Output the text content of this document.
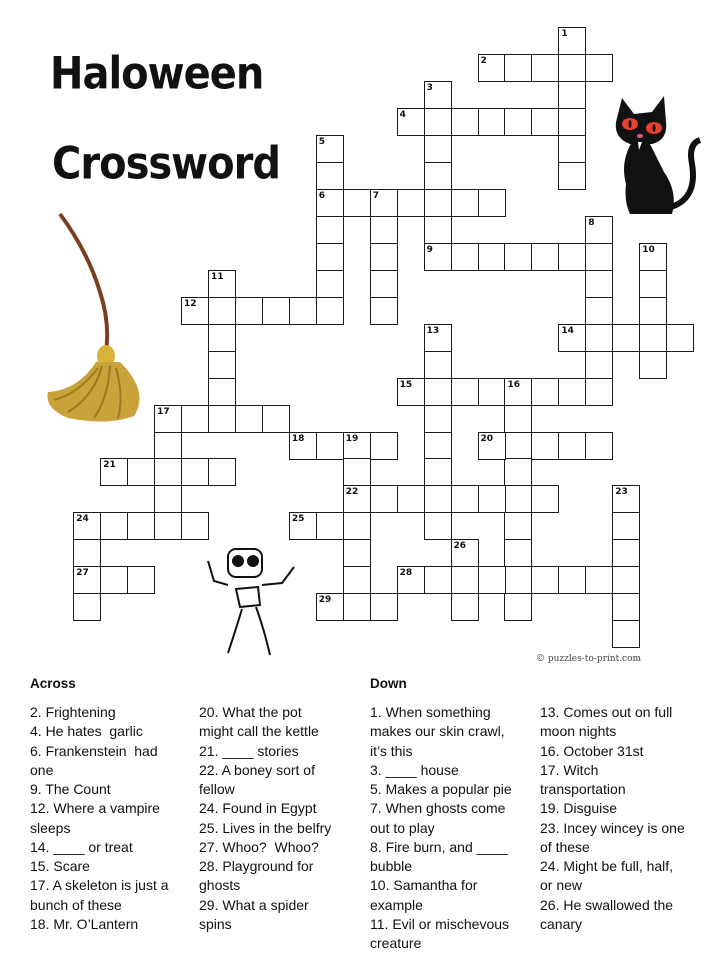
Haloween
Crossword
1
2
3
9
4
5
6	7
8
10
11
12
13	14
15	16
17
18	19
22
20
21
23
24
27
25
26
28
29
© puzzles-to-print.com
Across	Down
2. Frightening
4. He hates  garlic
6. Frankenstein  had
one
9. The Count
12. Where a vampire
sleeps
14. ____ or treat
15. Scare
17. A skeleton is just a
bunch of these
18. Mr. O’Lantern
20. What the pot
might call the kettle
21. ____ stories
22. A boney sort of
fellow
24. Found in Egypt
25. Lives in the belfry
27. Whoo?  Whoo?
28. Playground for
ghosts
29. What a spider
spins
1. When something
makes our skin crawl,
it’s this
3. ____ house
5. Makes a popular pie
7. When ghosts come
out to play
8. Fire burn, and ____
bubble
10. Samantha for
example
11. Evil or mischevous
creature
13. Comes out on full
moon nights
16. October 31st
17. Witch
transportation
19. Disguise
23. Incey wincey is one
of these
24. Might be full, half,
or new
26. He swallowed the
canary
